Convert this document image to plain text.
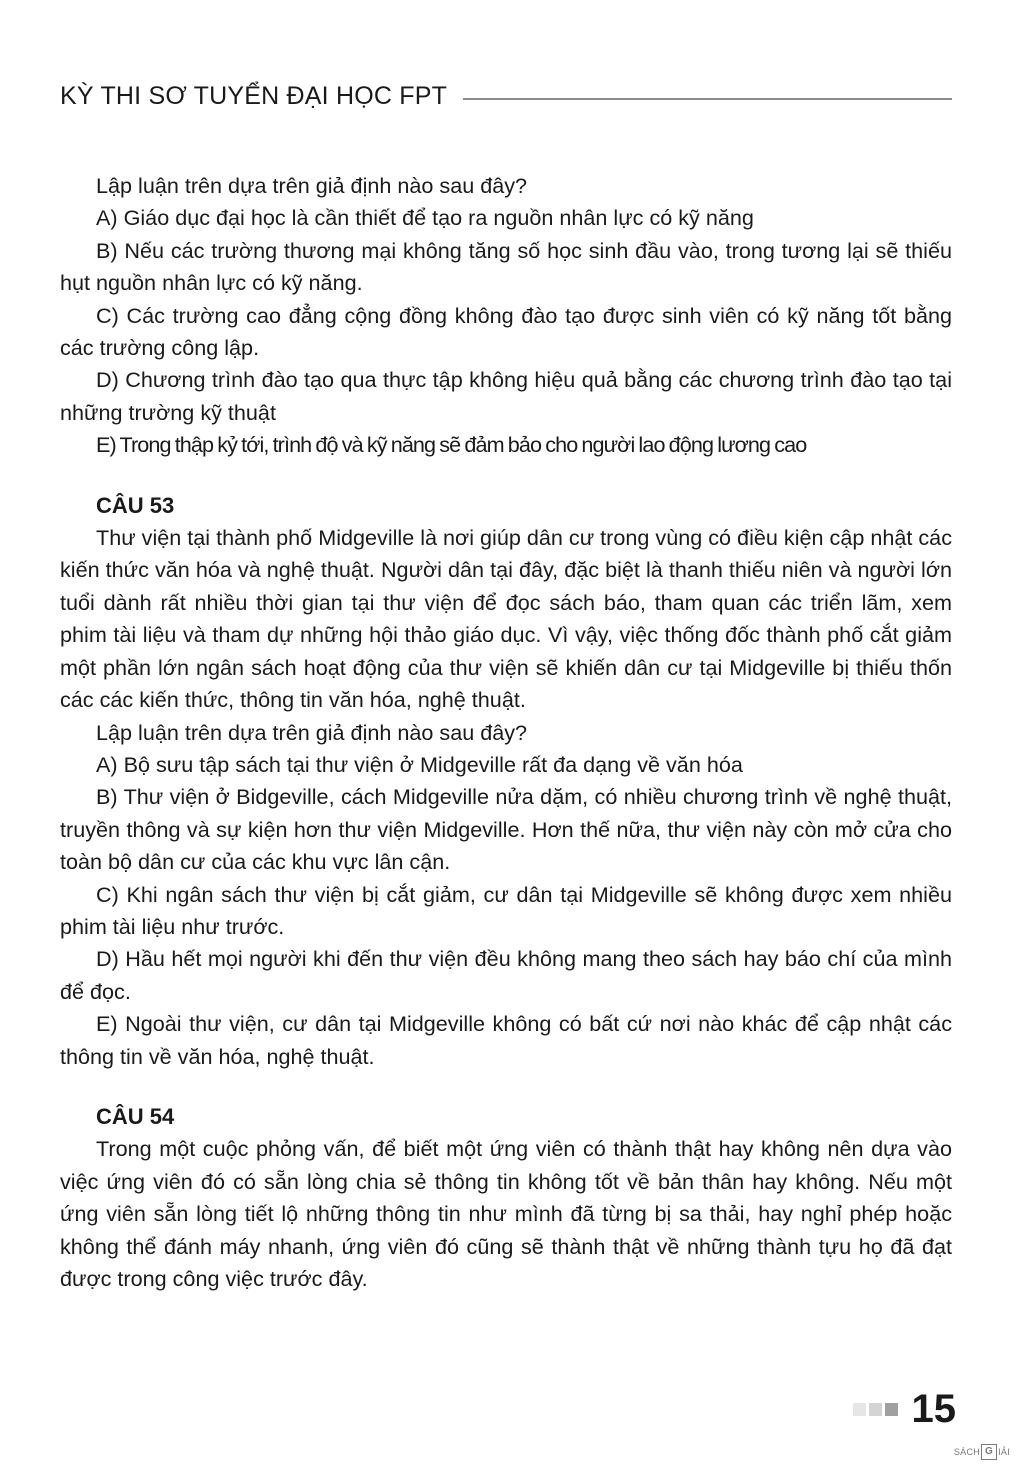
KỲ THI SƠ TUYỂN ĐẠI HỌC FPT

Lập luận trên dựa trên giả định nào sau đây?

A) Giáo dục đại học là cần thiết để tạo ra nguồn nhân lực có kỹ năng

B) Nếu các trường thương mại không tăng số học sinh đầu vào, trong tương lại sẽ thiếu hụt nguồn nhân lực có kỹ năng.

C) Các trường cao đẳng cộng đồng không đào tạo được sinh viên có kỹ năng tốt bằng các trường công lập.

D) Chương trình đào tạo qua thực tập không hiệu quả bằng các chương trình đào tạo tại những trường kỹ thuật

E) Trong thập kỷ tới, trình độ và kỹ năng sẽ đảm bảo cho người lao động lương cao

CÂU 53

Thư viện tại thành phố Midgeville là nơi giúp dân cư trong vùng có điều kiện cập nhật các kiến thức văn hóa và nghệ thuật. Người dân tại đây, đặc biệt là thanh thiếu niên và người lớn tuổi dành rất nhiều thời gian tại thư viện để đọc sách báo, tham quan các triển lãm, xem phim tài liệu và tham dự những hội thảo giáo dục. Vì vậy, việc thống đốc thành phố cắt giảm một phần lớn ngân sách hoạt động của thư viện sẽ khiến dân cư tại Midgeville bị thiếu thốn các các kiến thức, thông tin văn hóa, nghệ thuật.

Lập luận trên dựa trên giả định nào sau đây?

A) Bộ sưu tập sách tại thư viện ở Midgeville rất đa dạng về văn hóa

B) Thư viện ở Bidgeville, cách Midgeville nửa dặm, có nhiều chương trình về nghệ thuật, truyền thông và sự kiện hơn thư viện Midgeville. Hơn thế nữa, thư viện này còn mở cửa cho toàn bộ dân cư của các khu vực lân cận.

C) Khi ngân sách thư viện bị cắt giảm, cư dân tại Midgeville sẽ không được xem nhiều phim tài liệu như trước.

D) Hầu hết mọi người khi đến thư viện đều không mang theo sách hay báo chí của mình để đọc.

E) Ngoài thư viện, cư dân tại Midgeville không có bất cứ nơi nào khác để cập nhật các thông tin về văn hóa, nghệ thuật.

CÂU 54

Trong một cuộc phỏng vấn, để biết một ứng viên có thành thật hay không nên dựa vào việc ứng viên đó có sẵn lòng chia sẻ thông tin không tốt về bản thân hay không. Nếu một ứng viên sẵn lòng tiết lộ những thông tin như mình đã từng bị sa thải, hay nghỉ phép hoặc không thể đánh máy nhanh, ứng viên đó cũng sẽ thành thật về những thành tựu họ đã đạt được trong công việc trước đây.

15
SÁCH G IẢI
